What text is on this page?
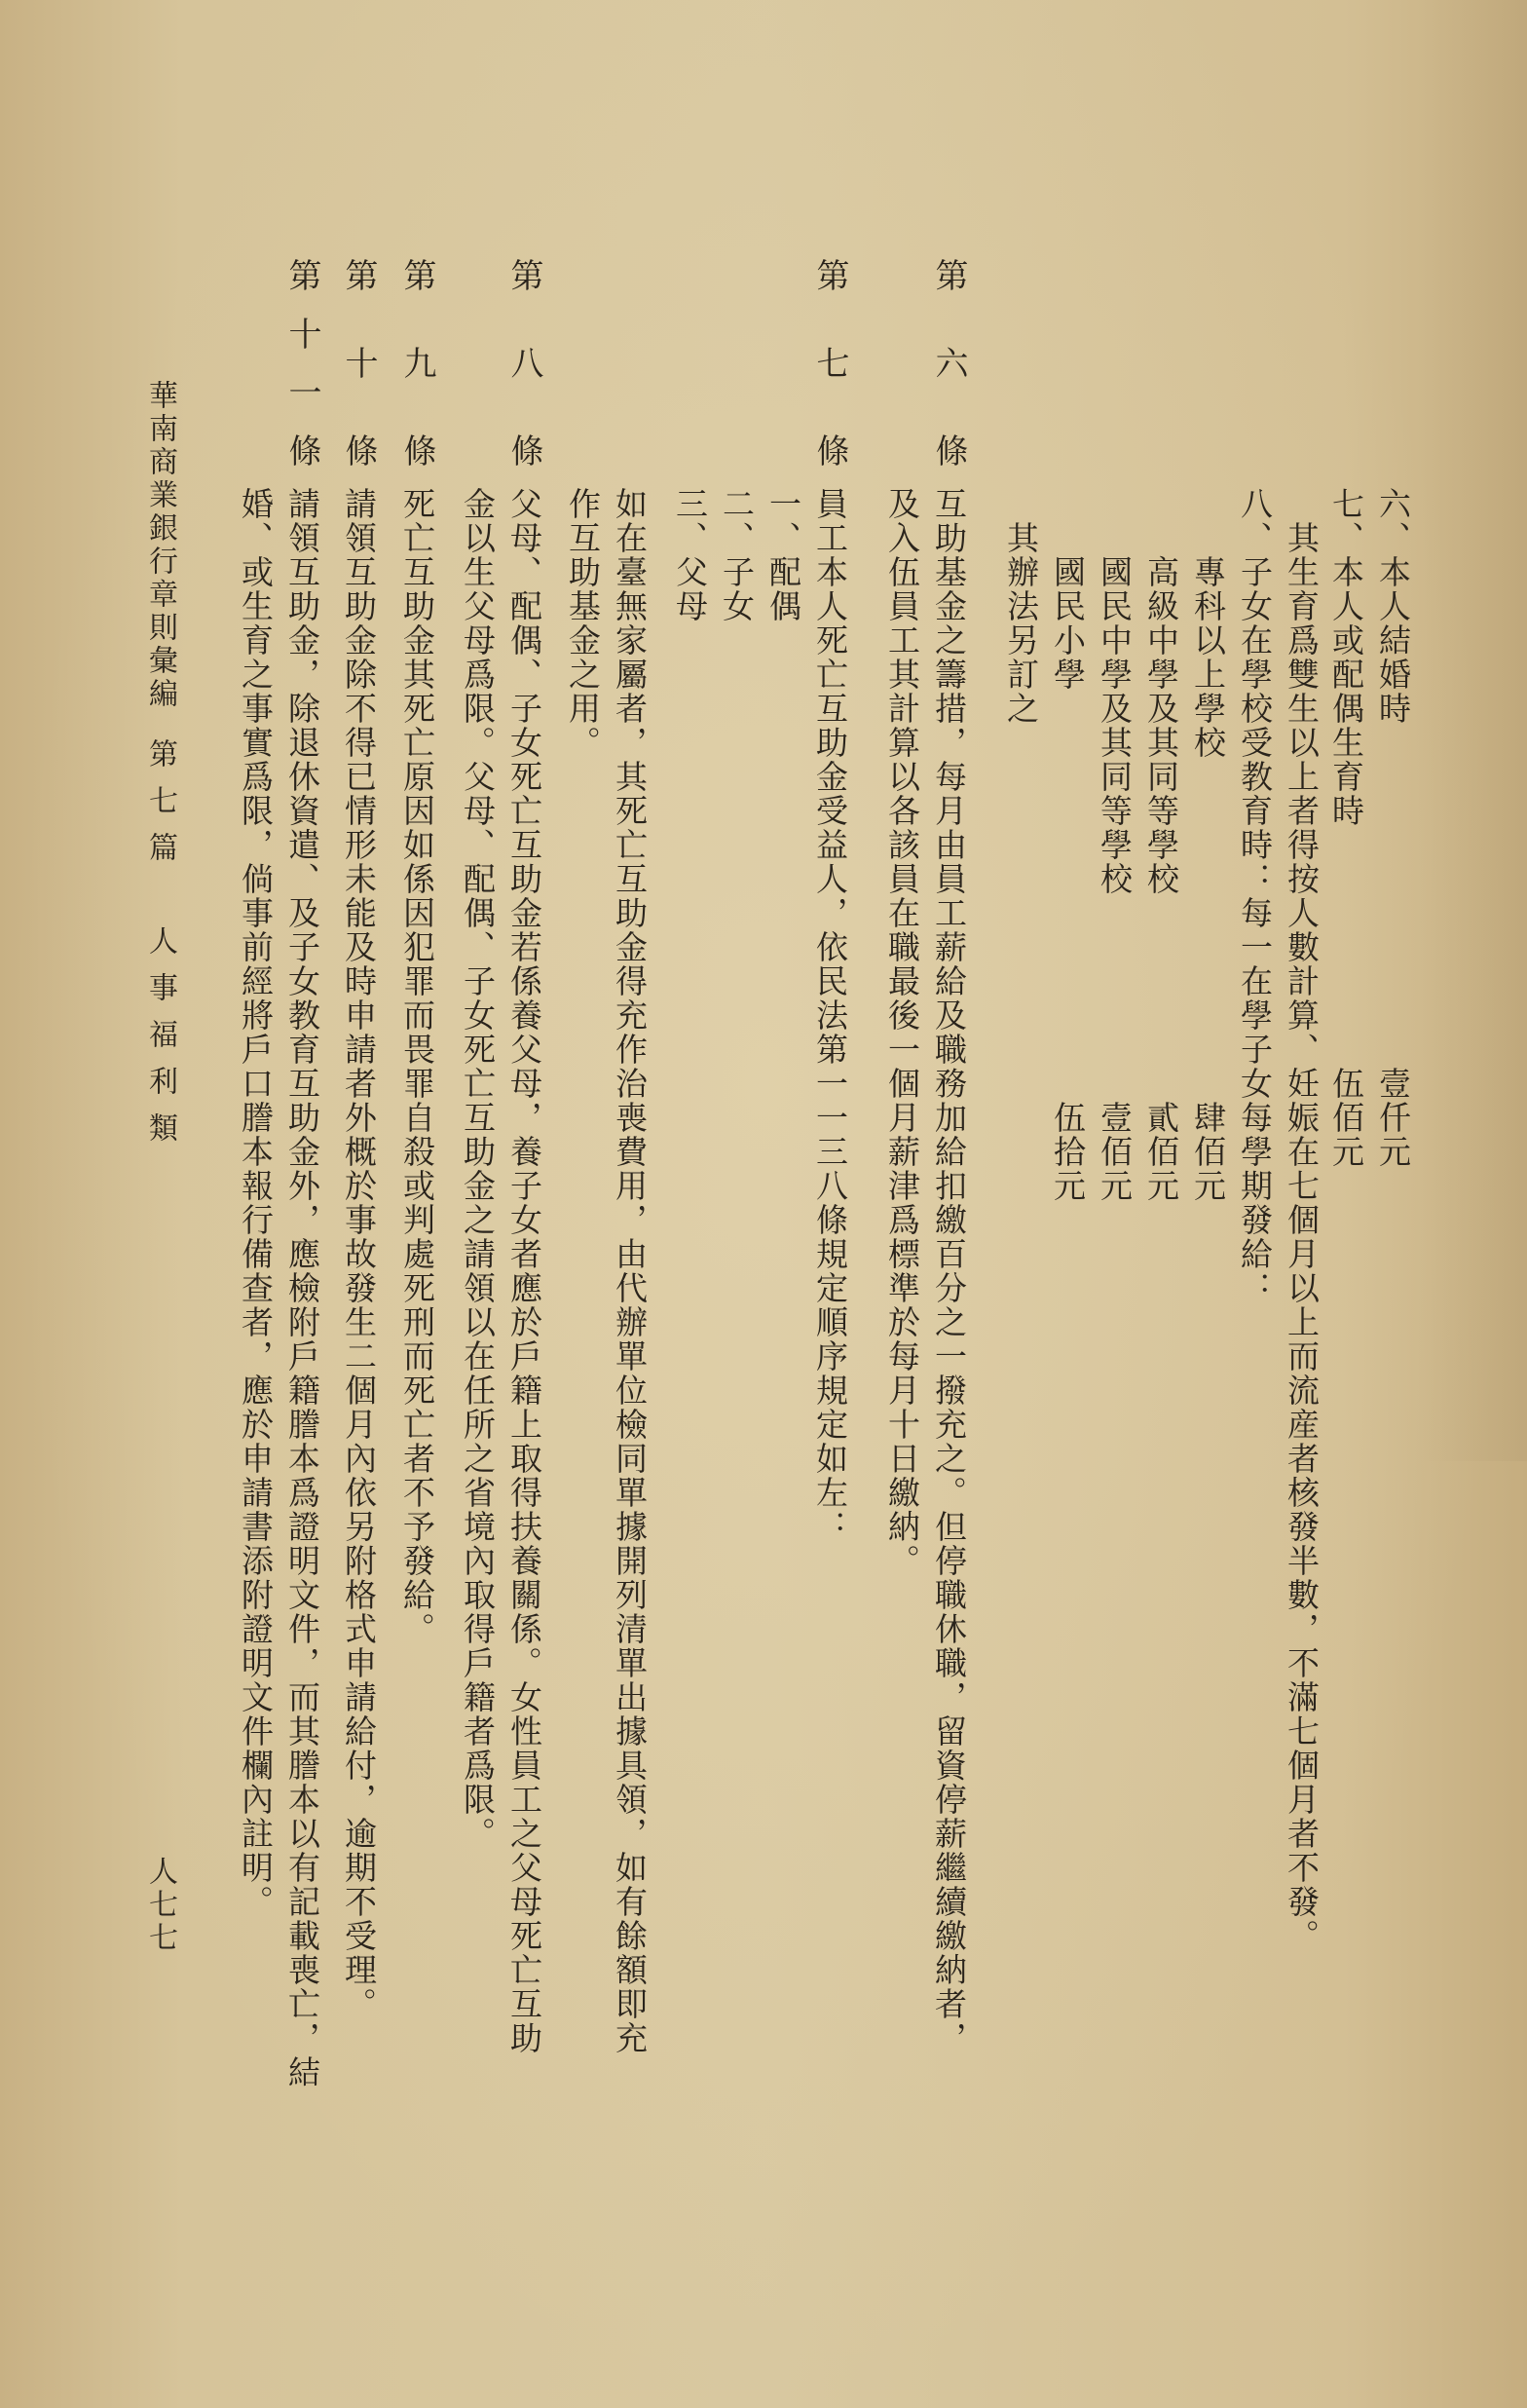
六、本人結婚時　　　　　　　　　　壹仟元
七、本人或配偶生育時　　　　　　　伍佰元
　其生育爲雙生以上者得按人數計算、妊娠在七個月以上而流産者核發半數，不滿七個月者不發。
八、子女在學校受教育時：每一在學子女每學期發給：
　　專科以上學校　　　　　　　　　　肆佰元
　　高級中學及其同等學校　　　　　　貳佰元
　　國民中學及其同等學校　　　　　　壹佰元
　　國民小學　　　　　　　　　　　　伍拾元
　其辦法另訂之
第六條
互助基金之籌措，每月由員工薪給及職務加給扣繳百分之一撥充之。但停職休職，留資停薪繼續繳納者，
及入伍員工其計算以各該員在職最後一個月薪津爲標準於每月十日繳納。
第七條
員工本人死亡互助金受益人，依民法第一一三八條規定順序規定如左：
一、配偶
二、子女
三、父母
如在臺無家屬者，其死亡互助金得充作治喪費用，由代辦單位檢同單據開列清單出據具領，如有餘額即充
作互助基金之用。
第八條
父母、配偶、子女死亡互助金若係養父母，養子女者應於戶籍上取得扶養關係。女性員工之父母死亡互助
金以生父母爲限。父母、配偶、子女死亡互助金之請領以在任所之省境內取得戶籍者爲限。
第九條
死亡互助金其死亡原因如係因犯罪而畏罪自殺或判處死刑而死亡者不予發給。
第十條
請領互助金除不得已情形未能及時申請者外概於事故發生二個月內依另附格式申請給付，逾期不受理。
第十一條
請領互助金，除退休資遣、及子女教育互助金外，應檢附戶籍謄本爲證明文件，而其謄本以有記載喪亡，結
婚、或生育之事實爲限，倘事前經將戶口謄本報行備查者，應於申請書添附證明文件欄內註明。
華南商業銀行章則彙編第七篇　人事福利類
人七七
